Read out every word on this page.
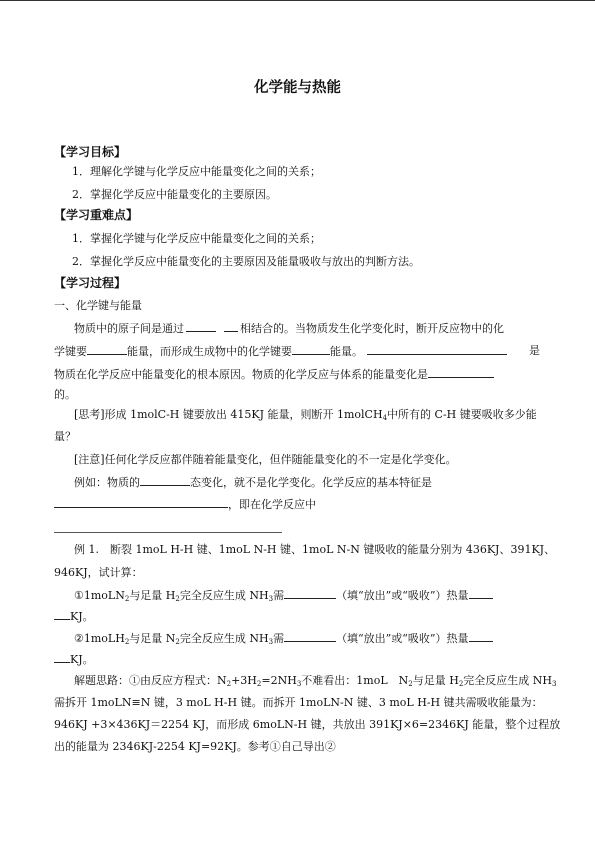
化学能与热能
【学习目标】
1．理解化学键与化学反应中能量变化之间的关系；
2．掌握化学反应中能量变化的主要原因。
【学习重难点】
1．掌握化学键与化学反应中能量变化之间的关系；
2．掌握化学反应中能量变化的主要原因及能量吸收与放出的判断方法。
【学习过程】
一、化学键与能量
物质中的原子间是通过	相结合的。当物质发生化学变化时，断开反应物中的化
学键要	能量，而形成生成物中的化学键要	能量。	是
物质在化学反应中能量变化的根本原因。物质的化学反应与体系的能量变化是
的。
[思考]形成 1molC-H 键要放出 415KJ 能量，则断开 1molCH$_4$中所有的 C-H 键要吸收多少能
量？
[注意]任何化学反应都伴随着能量变化，但伴随能量变化的不一定是化学变化。
例如：物质的	态变化，就不是化学变化。化学反应的基本特征是
，即在化学反应中
例 1.　断裂 1moL H-H 键、1moL N-H 键、1moL N-N 键吸收的能量分别为 436KJ、391KJ、
946KJ，试计算：
①1moLN$_2$与足量 $H_2$完全反应生成 $NH_3$需	（填“放出”或“吸收”）热量
KJ。
②1moLH$_2$与足量 $N_2$完全反应生成 $NH_3$需	（填“放出”或“吸收”）热量
KJ。
解题思路：①由反应方程式：$N_2+3H_2=2NH_3$不难看出：1moL　$N_2$与足量 $H_2$完全反应生成 $NH_3$
需拆开 1moLN≡N 键，3 moL H-H 键。而拆开 1moLN-N 键、3 moL H-H 键共需吸收能量为：
946KJ +3×436KJ＝2254 KJ，而形成 6moLN-H 键，共放出 391KJ×6=2346KJ 能量，整个过程放
出的能量为 2346KJ-2254 KJ=92KJ。参考①自己导出②
